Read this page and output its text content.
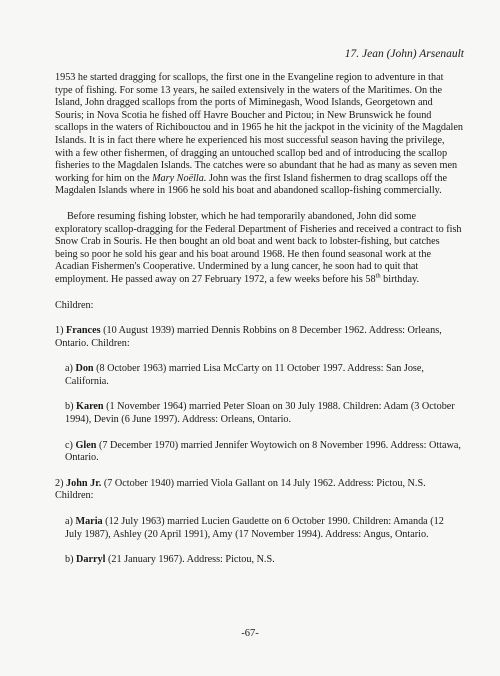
17. Jean (John) Arsenault

1953 he started dragging for scallops, the first one in the Evangeline region to adventure in that type of fishing. For some 13 years, he sailed extensively in the waters of the Maritimes. On the Island, John dragged scallops from the ports of Miminegash, Wood Islands, Georgetown and Souris; in Nova Scotia he fished off Havre Boucher and Pictou; in New Brunswick he found scallops in the waters of Richibouctou and in 1965 he hit the jackpot in the vicinity of the Magdalen Islands. It is in fact there where he experienced his most successful season having the privilege, with a few other fishermen, of dragging an untouched scallop bed and of introducing the scallop fisheries to the Magdalen Islands. The catches were so abundant that he had as many as seven men working for him on the Mary Noëlla. John was the first Island fishermen to drag scallops off the Magdalen Islands where in 1966 he sold his boat and abandoned scallop-fishing commercially.

Before resuming fishing lobster, which he had temporarily abandoned, John did some exploratory scallop-dragging for the Federal Department of Fisheries and received a contract to fish Snow Crab in Souris. He then bought an old boat and went back to lobster-fishing, but catches being so poor he sold his gear and his boat around 1968. He then found seasonal work at the Acadian Fishermen's Cooperative. Undermined by a lung cancer, he soon had to quit that employment. He passed away on 27 February 1972, a few weeks before his 58th birthday.

Children:

1) Frances (10 August 1939) married Dennis Robbins on 8 December 1962. Address: Orleans, Ontario. Children:

a) Don (8 October 1963) married Lisa McCarty on 11 October 1997. Address: San Jose, California.

b) Karen (1 November 1964) married Peter Sloan on 30 July 1988. Children: Adam (3 October 1994), Devin (6 June 1997). Address: Orleans, Ontario.

c) Glen (7 December 1970) married Jennifer Woytowich on 8 November 1996. Address: Ottawa, Ontario.

2) John Jr. (7 October 1940) married Viola Gallant on 14 July 1962. Address: Pictou, N.S. Children:

a) Maria (12 July 1963) married Lucien Gaudette on 6 October 1990. Children: Amanda (12 July 1987), Ashley (20 April 1991), Amy (17 November 1994). Address: Angus, Ontario.

b) Darryl (21 January 1967). Address: Pictou, N.S.

-67-
